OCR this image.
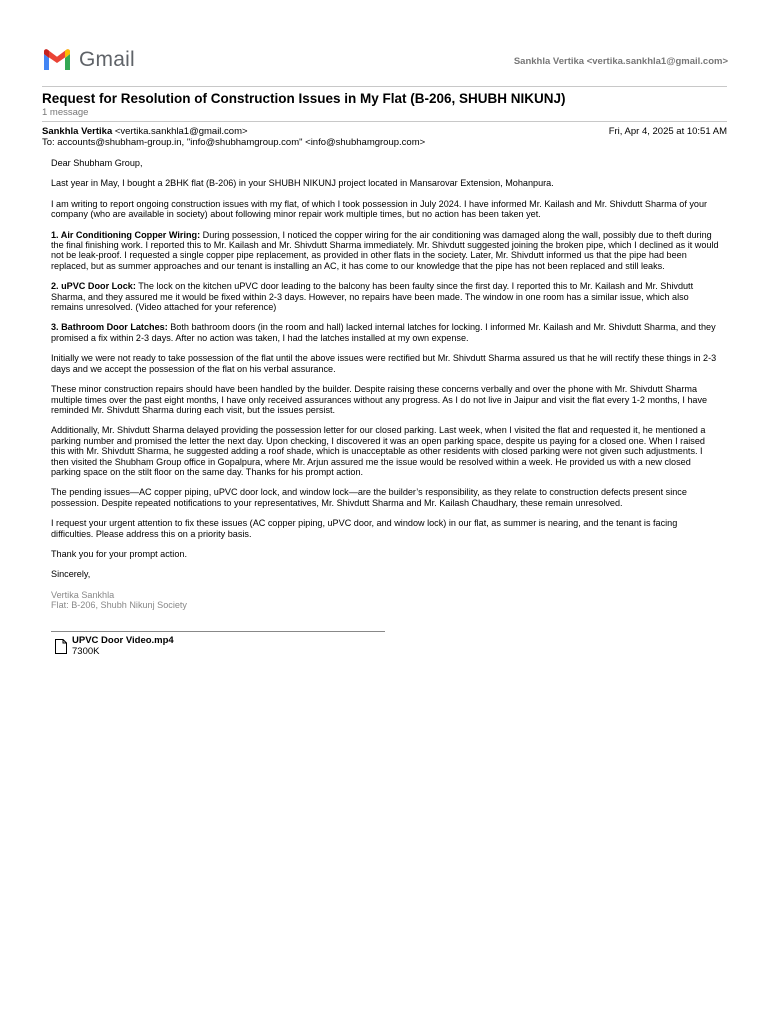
Gmail	Sankhla Vertika <vertika.sankhla1@gmail.com>
Request for Resolution of Construction Issues in My Flat (B-206, SHUBH NIKUNJ)
1 message
Sankhla Vertika <vertika.sankhla1@gmail.com>	Fri, Apr 4, 2025 at 10:51 AM
To: accounts@shubham-group.in, "info@shubhamgroup.com" <info@shubhamgroup.com>

Dear Shubham Group,

Last year in May, I bought a 2BHK flat (B-206) in your SHUBH NIKUNJ project located in Mansarovar Extension, Mohanpura.

I am writing to report ongoing construction issues with my flat, of which I took possession in July 2024. I have informed Mr. Kailash and Mr. Shivdutt Sharma of your company (who are available in society) about following minor repair work multiple times, but no action has been taken yet.

1. Air Conditioning Copper Wiring: During possession, I noticed the copper wiring for the air conditioning was damaged along the wall, possibly due to theft during the final finishing work. I reported this to Mr. Kailash and Mr. Shivdutt Sharma immediately. Mr. Shivdutt suggested joining the broken pipe, which I declined as it would not be leak-proof. I requested a single copper pipe replacement, as provided in other flats in the society. Later, Mr. Shivdutt informed us that the pipe had been replaced, but as summer approaches and our tenant is installing an AC, it has come to our knowledge that the pipe has not been replaced and still leaks.

2. uPVC Door Lock: The lock on the kitchen uPVC door leading to the balcony has been faulty since the first day. I reported this to Mr. Kailash and Mr. Shivdutt Sharma, and they assured me it would be fixed within 2-3 days. However, no repairs have been made. The window in one room has a similar issue, which also remains unresolved. (Video attached for your reference)

3. Bathroom Door Latches: Both bathroom doors (in the room and hall) lacked internal latches for locking. I informed Mr. Kailash and Mr. Shivdutt Sharma, and they promised a fix within 2-3 days. After no action was taken, I had the latches installed at my own expense.

Initially we were not ready to take possession of the flat until the above issues were rectified but Mr. Shivdutt Sharma assured us that he will rectify these things in 2-3 days and we accept the possession of the flat on his verbal assurance.

These minor construction repairs should have been handled by the builder. Despite raising these concerns verbally and over the phone with Mr. Shivdutt Sharma multiple times over the past eight months, I have only received assurances without any progress. As I do not live in Jaipur and visit the flat every 1-2 months, I have reminded Mr. Shivdutt Sharma during each visit, but the issues persist.

Additionally, Mr. Shivdutt Sharma delayed providing the possession letter for our closed parking. Last week, when I visited the flat and requested it, he mentioned a parking number and promised the letter the next day. Upon checking, I discovered it was an open parking space, despite us paying for a closed one. When I raised this with Mr. Shivdutt Sharma, he suggested adding a roof shade, which is unacceptable as other residents with closed parking were not given such adjustments. I then visited the Shubham Group office in Gopalpura, where Mr. Arjun assured me the issue would be resolved within a week. He provided us with a new closed parking space on the stilt floor on the same day. Thanks for his prompt action.

The pending issues—AC copper piping, uPVC door lock, and window lock—are the builder’s responsibility, as they relate to construction defects present since possession. Despite repeated notifications to your representatives, Mr. Shivdutt Sharma and Mr. Kailash Chaudhary, these remain unresolved.

I request your urgent attention to fix these issues (AC copper piping, uPVC door, and window lock) in our flat, as summer is nearing, and the tenant is facing difficulties. Please address this on a priority basis.

Thank you for your prompt action.

Sincerely,

Vertika Sankhla
Flat: B-206, Shubh Nikunj Society
UPVC Door Video.mp4
7300K
